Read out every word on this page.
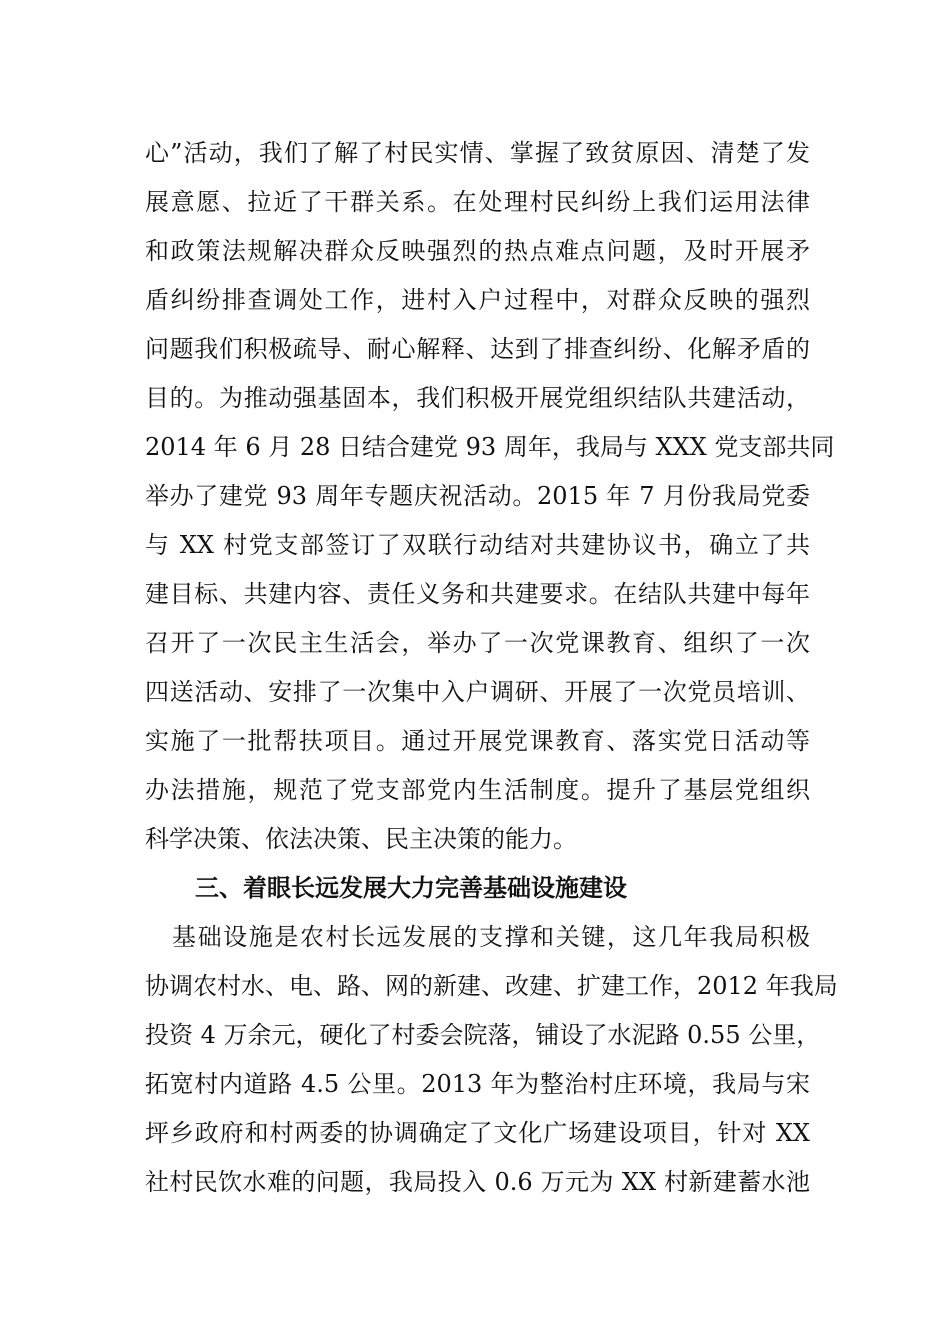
心”活动，我们了解了村民实情、掌握了致贫原因、清楚了发
展意愿、拉近了干群关系。在处理村民纠纷上我们运用法律
和政策法规解决群众反映强烈的热点难点问题，及时开展矛
盾纠纷排查调处工作，进村入户过程中，对群众反映的强烈
问题我们积极疏导、耐心解释、达到了排查纠纷、化解矛盾的
目的。为推动强基固本，我们积极开展党组织结队共建活动，
2014 年 6 月 28 日结合建党 93 周年，我局与 XXX 党支部共同
举办了建党 93 周年专题庆祝活动。2015 年 7 月份我局党委
与 XX 村党支部签订了双联行动结对共建协议书，确立了共
建目标、共建内容、责任义务和共建要求。在结队共建中每年
召开了一次民主生活会，举办了一次党课教育、组织了一次
四送活动、安排了一次集中入户调研、开展了一次党员培训、
实施了一批帮扶项目。通过开展党课教育、落实党日活动等
办法措施，规范了党支部党内生活制度。提升了基层党组织
科学决策、依法决策、民主决策的能力。
三、着眼长远发展大力完善基础设施建设
基础设施是农村长远发展的支撑和关键，这几年我局积极
协调农村水、电、路、网的新建、改建、扩建工作，2012 年我局
投资 4 万余元，硬化了村委会院落，铺设了水泥路 0.55 公里，
拓宽村内道路 4.5 公里。2013 年为整治村庄环境，我局与宋
坪乡政府和村两委的协调确定了文化广场建设项目，针对 XX
社村民饮水难的问题，我局投入 0.6 万元为 XX 村新建蓄水池
